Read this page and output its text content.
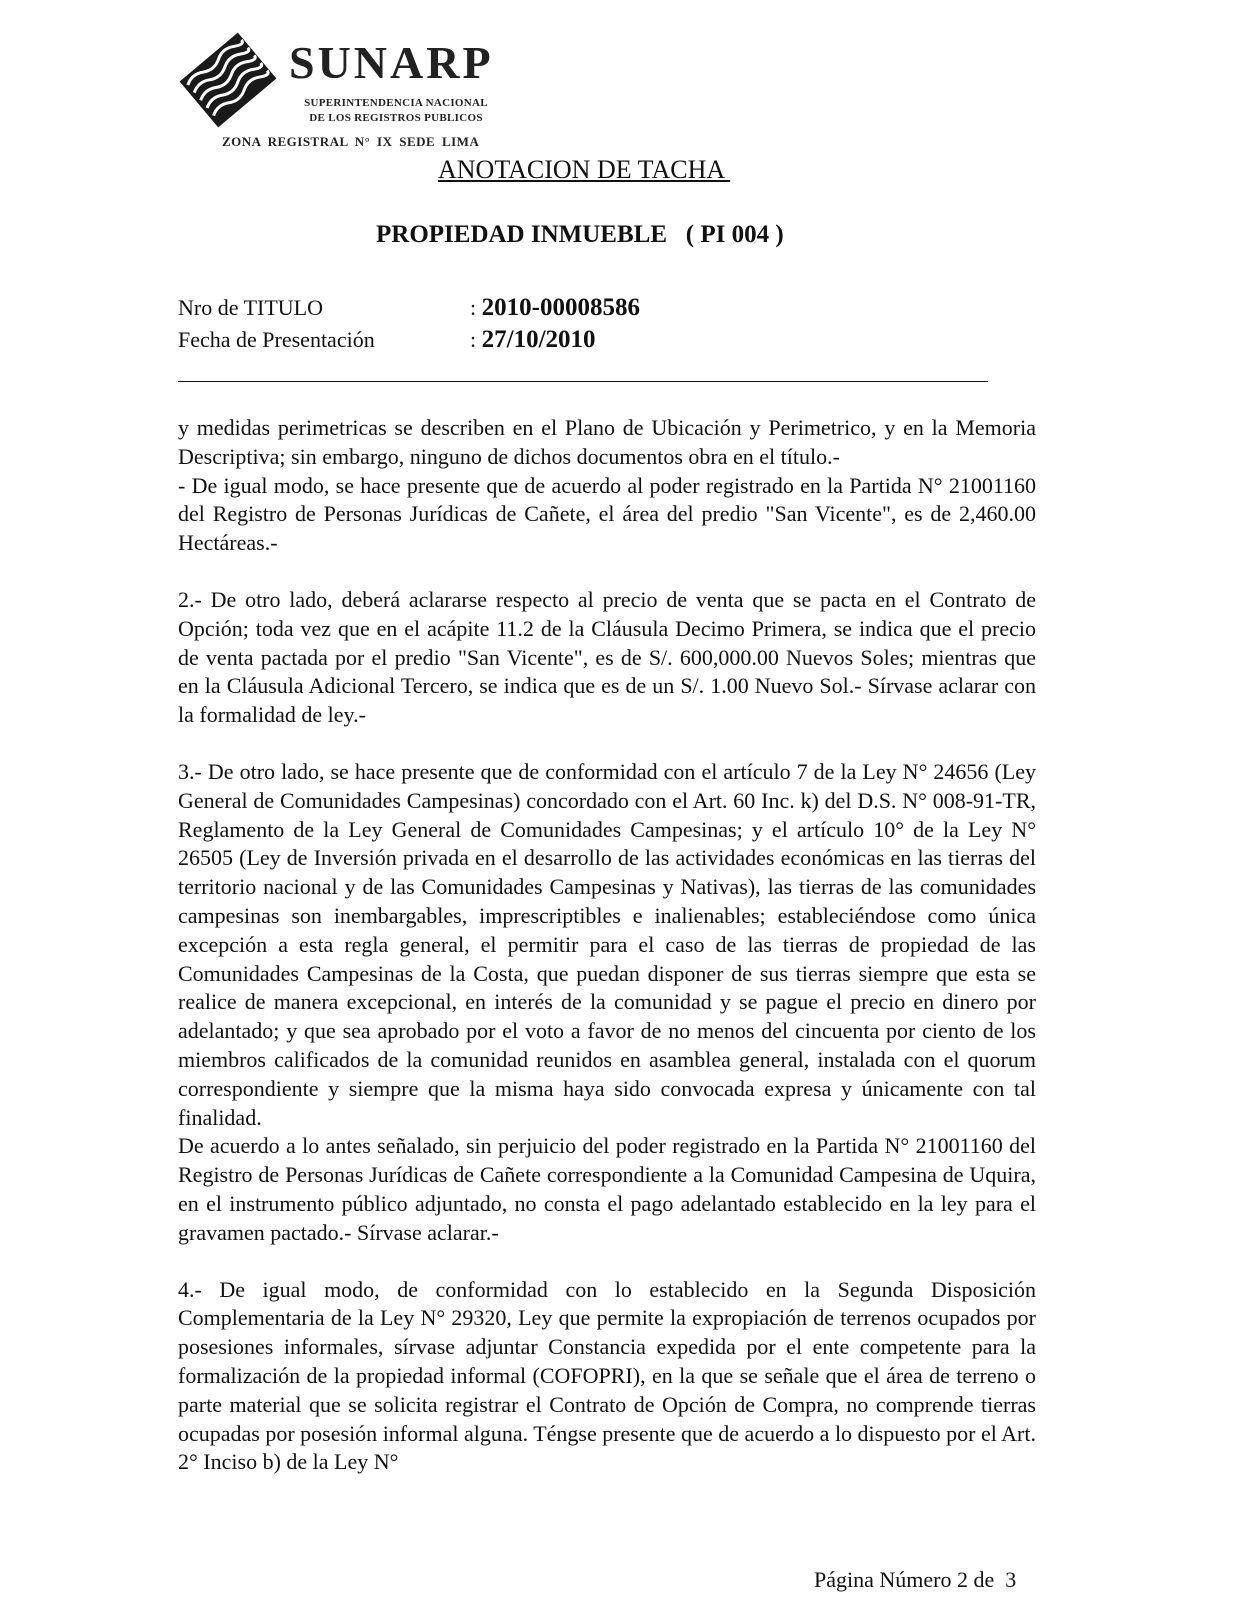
SUNARP
SUPERINTENDENCIA NACIONAL
DE LOS REGISTROS PUBLICOS
ZONA REGISTRAL N° IX SEDE LIMA
ANOTACION DE TACHA
PROPIEDAD INMUEBLE   ( PI 004 )
Nro de TITULO	: 2010-00008586
Fecha de Presentación	: 27/10/2010

y medidas perimetricas se describen en el Plano de Ubicación y Perimetrico, y en la Memoria Descriptiva; sin embargo, ninguno de dichos documentos obra en el título.-

- De igual modo, se hace presente que de acuerdo al poder registrado en la Partida N° 21001160 del Registro de Personas Jurídicas de Cañete, el área del predio "San Vicente", es de 2,460.00 Hectáreas.-

2.- De otro lado, deberá aclararse respecto al precio de venta que se pacta en el Contrato de Opción; toda vez que en el acápite 11.2 de la Cláusula Decimo Primera, se indica que el precio de venta pactada por el predio "San Vicente", es de S/. 600,000.00 Nuevos Soles; mientras que en la Cláusula Adicional Tercero, se indica que es de un S/. 1.00 Nuevo Sol.- Sírvase aclarar con la formalidad de ley.-

3.- De otro lado, se hace presente que de conformidad con el artículo 7 de la Ley N° 24656 (Ley General de Comunidades Campesinas) concordado con el Art. 60 Inc. k) del D.S. N° 008-91-TR, Reglamento de la Ley General de Comunidades Campesinas; y el artículo 10° de la Ley N° 26505 (Ley de Inversión privada en el desarrollo de las actividades económicas en las tierras del territorio nacional y de las Comunidades Campesinas y Nativas), las tierras de las comunidades campesinas son inembargables, imprescriptibles e inalienables; estableciéndose como única excepción a esta regla general, el permitir para el caso de las tierras de propiedad de las Comunidades Campesinas de la Costa, que puedan disponer de sus tierras siempre que esta se realice de manera excepcional, en interés de la comunidad y se pague el precio en dinero por adelantado; y que sea aprobado por el voto a favor de no menos del cincuenta por ciento de los miembros calificados de la comunidad reunidos en asamblea general, instalada con el quorum correspondiente y siempre que la misma haya sido convocada expresa y únicamente con tal finalidad.

De acuerdo a lo antes señalado, sin perjuicio del poder registrado en la Partida N° 21001160 del Registro de Personas Jurídicas de Cañete correspondiente a la Comunidad Campesina de Uquira, en el instrumento público adjuntado, no consta el pago adelantado establecido en la ley para el gravamen pactado.- Sírvase aclarar.-

4.- De igual modo, de conformidad con lo establecido en la Segunda Disposición Complementaria de la Ley N° 29320, Ley que permite la expropiación de terrenos ocupados por posesiones informales, sírvase adjuntar Constancia expedida por el ente competente para la formalización de la propiedad informal (COFOPRI), en la que se señale que el área de terreno o parte material que se solicita registrar el Contrato de Opción de Compra, no comprende tierras ocupadas por posesión informal alguna. Téngse presente que de acuerdo a lo dispuesto por el Art. 2° Inciso b) de la Ley N°

Página Número 2 de  3
